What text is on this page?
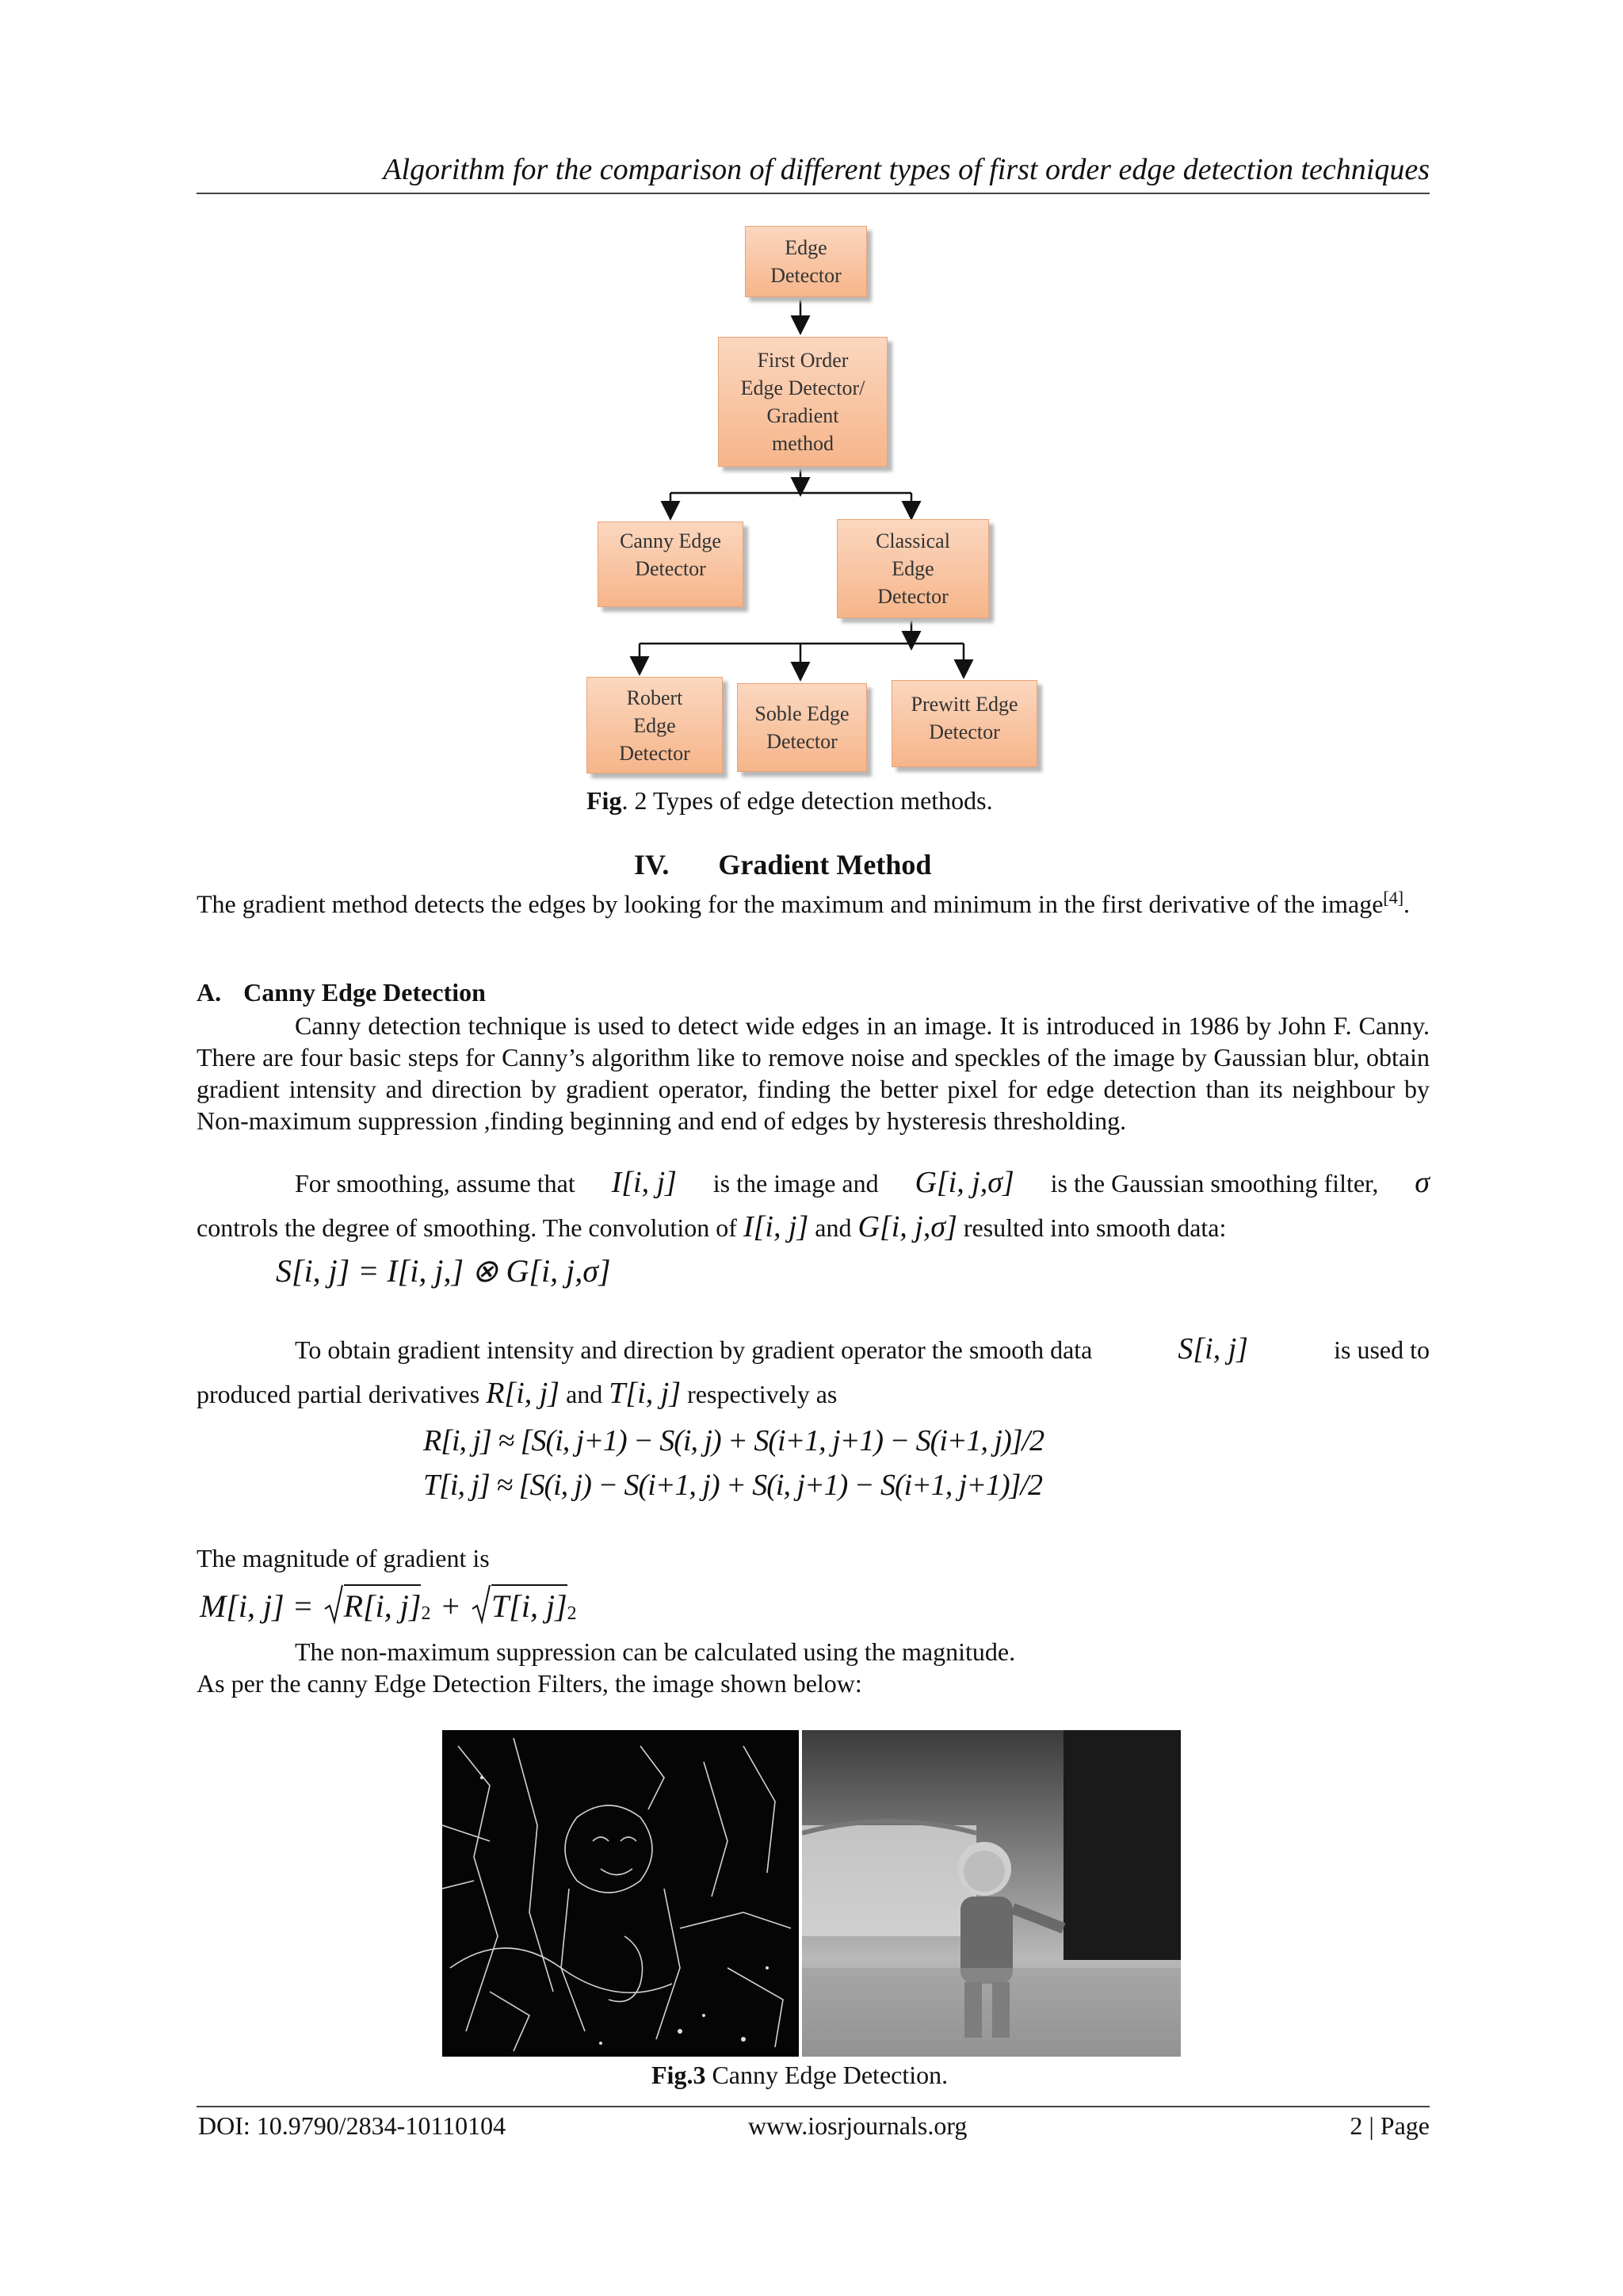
Algorithm for the comparison of different types of first order edge detection techniques
Edge
Detector
First Order
Edge Detector/
Gradient
method
Canny Edge
Detector
Classical
Edge
Detector
Robert
Edge
Detector
Soble Edge
Detector
Prewitt Edge
Detector
Fig. 2 Types of edge detection methods.
IV. Gradient Method
The gradient method detects the edges by looking for the maximum and minimum in the first derivative of the image[4].
A. Canny Edge Detection
Canny detection technique is used to detect wide edges in an image. It is introduced in 1986 by John F. Canny. There are four basic steps for Canny’s algorithm like to remove noise and speckles of the image by Gaussian blur, obtain gradient intensity and direction by gradient operator, finding the better pixel for edge detection than its neighbour by Non-maximum suppression ,finding beginning and end of edges by hysteresis thresholding.
For smoothing, assume that I[i, j] is the image and G[i, j,σ] is the Gaussian smoothing filter, σ
controls the degree of smoothing. The convolution of I[i, j] and G[i, j,σ] resulted into smooth data:
S[i, j] = I[i, j,] ⊗ G[i, j,σ]
To obtain gradient intensity and direction by gradient operator the smooth data	S[i, j]	is used to
produced partial derivatives R[i, j] and T[i, j] respectively as
R[i, j] ≈ [S(i, j+1) − S(i, j) + S(i+1, j+1) − S(i+1, j)]/2
T[i, j] ≈ [S(i, j) − S(i+1, j) + S(i, j+1) − S(i+1, j+1)]/2
The magnitude of gradient is
M[i, j] = R[i, $j]_2 + T[i$, $j]_2$
The non-maximum suppression can be calculated using the magnitude.
As per the canny Edge Detection Filters, the image shown below:
Fig.3 Canny Edge Detection.
DOI: 10.9790/2834-10110104	www.iosrjournals.org	2 | Page
